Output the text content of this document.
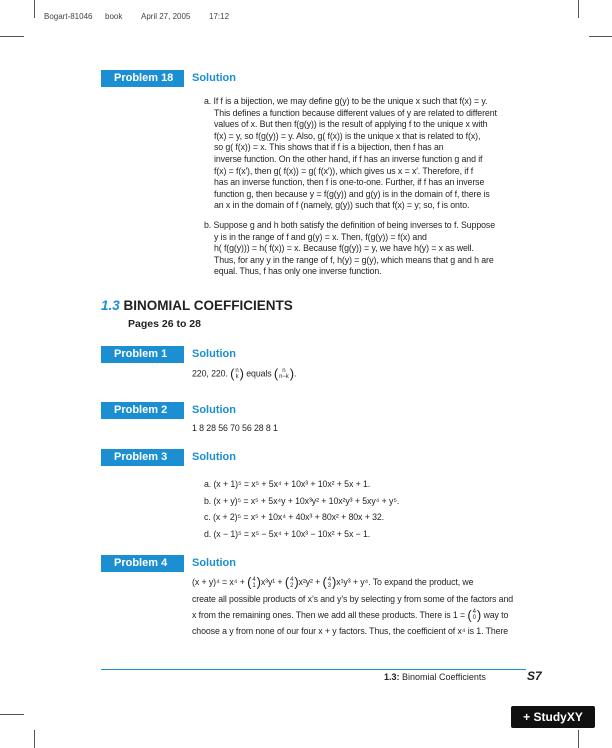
Bogart-81046 book April 27, 2005 17:12
Problem 18	Solution
a. If f is a bijection, we may define g(y) to be the unique x such that f(x) = y.
This defines a function because different values of y are related to different
values of x. But then f(g(y)) is the result of applying f to the unique x with
f(x) = y, so f(g(y)) = y. Also, g( f(x)) is the unique x that is related to f(x),
so g( f(x)) = x. This shows that if f is a bijection, then f has an
inverse function. On the other hand, if f has an inverse function g and if
f(x) = f(x′), then g( f(x)) = g( f(x′)), which gives us x = x′. Therefore, if f
has an inverse function, then f is one-to-one. Further, if f has an inverse
function g, then because y = f(g(y)) and g(y) is in the domain of f, there is
an x in the domain of f (namely, g(y)) such that f(x) = y; so, f is onto.
b. Suppose g and h both satisfy the definition of being inverses to f. Suppose
y is in the range of f and g(y) = x. Then, f(g(y)) = f(x) and
h( f(g(y))) = h( f(x)) = x. Because f(g(y)) = y, we have h(y) = x as well.
Thus, for any y in the range of f, h(y) = g(y), which means that g and h are
equal. Thus, f has only one inverse function.
1.3 BINOMIAL COEFFICIENTS
Pages 26 to 28
Problem 1	Solution
220, 220. (n
k) equals ( n
n−k).
Problem 2	Solution
1 8 28 56 70 56 28 8 1
Problem 3	Solution
a. (x + 1)⁵ = x⁵ + 5x⁴ + 10x³ + 10x² + 5x + 1.
b. (x + y)⁵ = x⁵ + 5x⁴y + 10x³y² + 10x²y³ + 5xy⁴ + y⁵.
c. (x + 2)⁵ = x⁵ + 10x⁴ + 40x³ + 80x² + 80x + 32.
d. (x − 1)⁵ = x⁵ − 5x⁴ + 10x³ − 10x² + 5x − 1.
Problem 4	Solution
(x + y)⁴ = x⁴ + (4
1)x³y¹ + (4
2)x²y² + (4
3)x¹y³ + y⁴. To expand the product, we
create all possible products of x’s and y’s by selecting y from some of the factors and
x from the remaining ones. Then we add all these products. There is 1 = (4
0) way to
choose a y from none of our four x + y factors. Thus, the coefficient of x⁴ is 1. There
1.3: Binomial Coefficients	S7
+ StudyXY
